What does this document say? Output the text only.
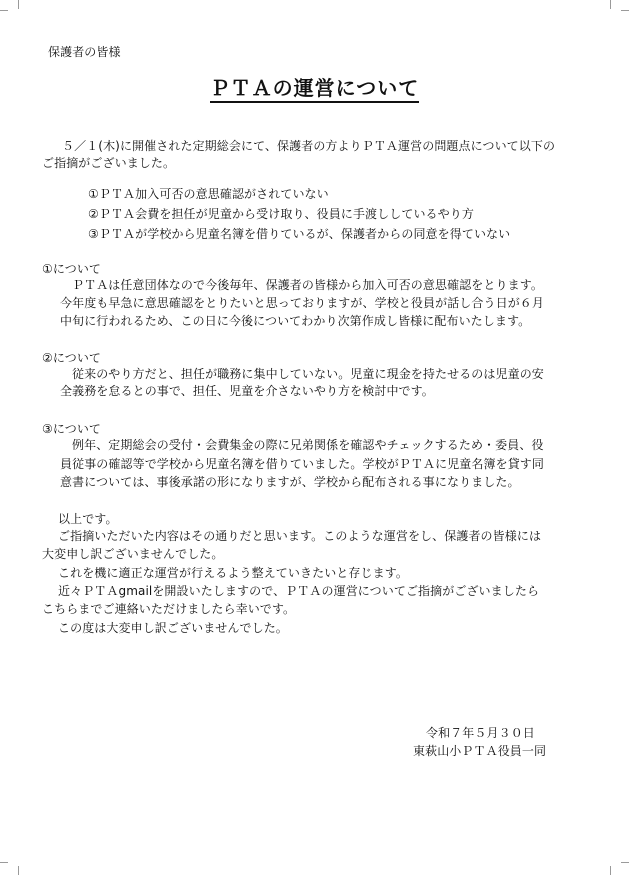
保護者の皆様
ＰＴＡの運営について
５／１(木)に開催された定期総会にて、保護者の方よりＰＴＡ運営の問題点について以下の
ご指摘がございました。
①ＰＴＡ加入可否の意思確認がされていない
②ＰＴＡ会費を担任が児童から受け取り、役員に手渡ししているやり方
③ＰＴＡが学校から児童名簿を借りているが、保護者からの同意を得ていない
①について
ＰＴＡは任意団体なので今後毎年、保護者の皆様から加入可否の意思確認をとります。
今年度も早急に意思確認をとりたいと思っておりますが、学校と役員が話し合う日が６月
中旬に行われるため、この日に今後についてわかり次第作成し皆様に配布いたします。
②について
従来のやり方だと、担任が職務に集中していない。児童に現金を持たせるのは児童の安
全義務を怠るとの事で、担任、児童を介さないやり方を検討中です。
③について
例年、定期総会の受付・会費集金の際に兄弟関係を確認やチェックするため・委員、役
員従事の確認等で学校から児童名簿を借りていました。学校がＰＴＡに児童名簿を貸す同
意書については、事後承諾の形になりますが、学校から配布される事になりました。
以上です。
ご指摘いただいた内容はその通りだと思います。このような運営をし、保護者の皆様には
大変申し訳ございませんでした。
これを機に適正な運営が行えるよう整えていきたいと存じます。
近々ＰＴＡgmailを開設いたしますので、ＰＴＡの運営についてご指摘がございましたら
こちらまでご連絡いただけましたら幸いです。
この度は大変申し訳ございませんでした。
令和７年５月３０日
東萩山小ＰＴＡ役員一同
